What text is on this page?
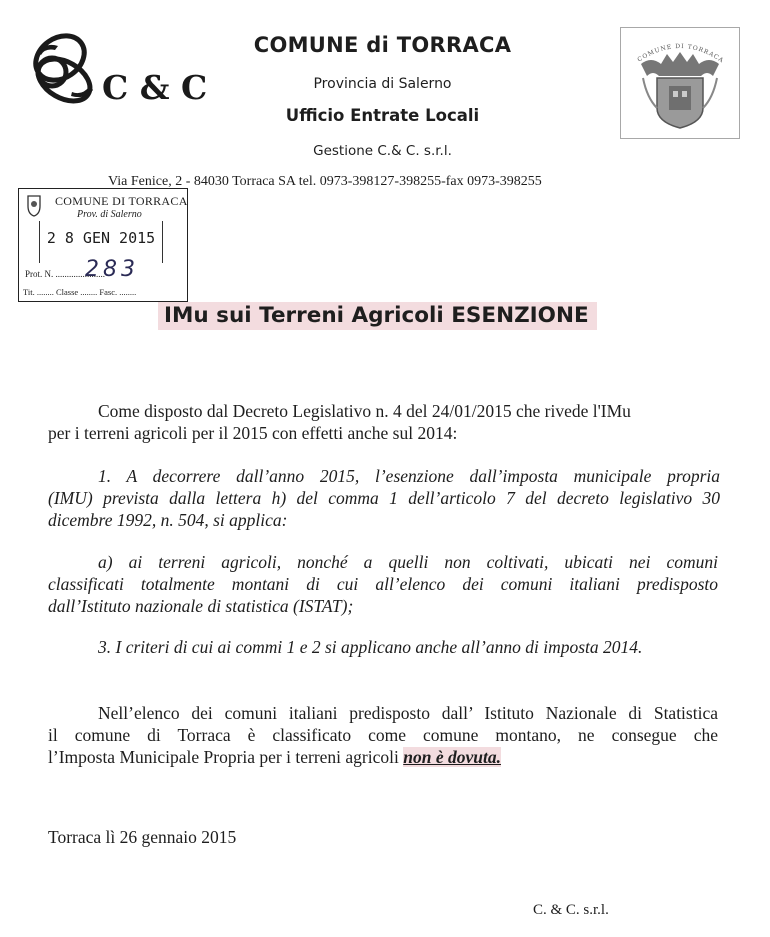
C & C
COMUNE di TORRACA
Provincia di Salerno
Ufficio Entrate Locali
Gestione C.& C. s.r.l.
COMUNE DI TORRACA
Via Fenice, 2 - 84030 Torraca SA tel. 0973-398127-398255-fax 0973-398255
COMUNE DI TORRACA
Prov. di Salerno
2 8 GEN 2015
Prot. N. ......................
283
Tit. ........ Classe ........ Fasc. ........
IMu sui Terreni Agricoli ESENZIONE
Come disposto dal Decreto Legislativo n. 4 del 24/01/2015 che rivede l'IMu
per i terreni agricoli per il 2015 con effetti anche sul 2014:
1. A decorrere dall’anno 2015, l’esenzione dall’imposta municipale propria
(IMU) prevista dalla lettera h) del comma 1 dell’articolo 7 del decreto legislativo 30
dicembre 1992, n. 504, si applica:
a) ai terreni agricoli, nonché a quelli non coltivati, ubicati nei comuni
classificati totalmente montani di cui all’elenco dei comuni italiani predisposto
dall’Istituto nazionale di statistica (ISTAT);
3. I criteri di cui ai commi 1 e 2 si applicano anche all’anno di imposta 2014.
Nell’elenco dei comuni italiani predisposto dall’ Istituto Nazionale di Statistica
il comune di Torraca è classificato come comune montano, ne consegue che
l’Imposta Municipale Propria per i terreni agricoli non è dovuta.
Torraca lì 26 gennaio 2015
C. & C. s.r.l.
